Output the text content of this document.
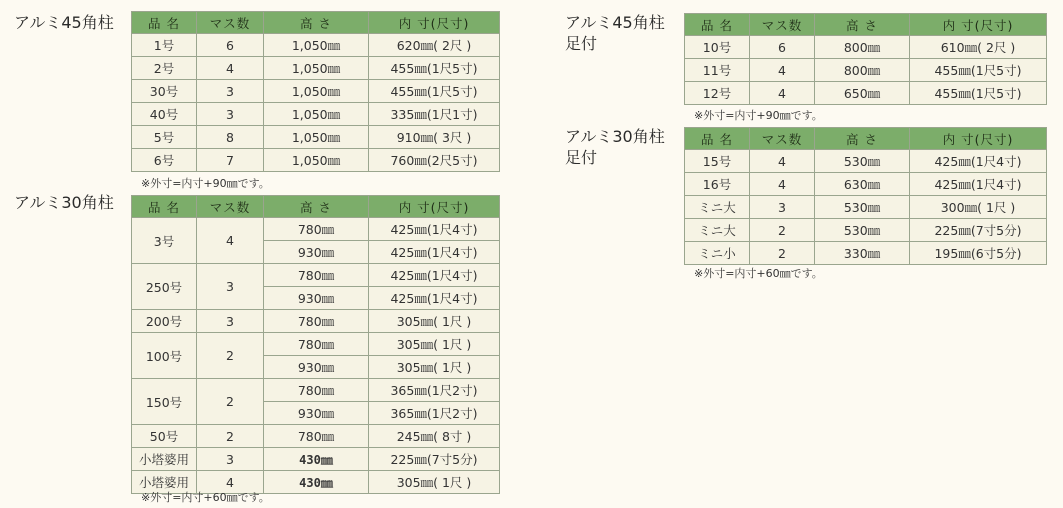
アルミ45角柱	品 名	マス数	高 さ	内 寸(尺寸)
1号	6	1,050㎜	620㎜( 2尺 )
2号	4	1,050㎜	455㎜(1尺5寸)
30号	3	1,050㎜	455㎜(1尺5寸)
40号	3	1,050㎜	335㎜(1尺1寸)
5号	8	1,050㎜	910㎜( 3尺 )
6号	7	1,050㎜	760㎜(2尺5寸)
※外寸=内寸+90㎜です。
アルミ30角柱	品 名	マス数	高 さ	内 寸(尺寸)
3号	4	780㎜	425㎜(1尺4寸)
		930㎜	425㎜(1尺4寸)
250号	3	780㎜	425㎜(1尺4寸)
		930㎜	425㎜(1尺4寸)
200号	3	780㎜	305㎜( 1尺 )
100号	2	780㎜	305㎜( 1尺 )
		930㎜	305㎜( 1尺 )
150号	2	780㎜	365㎜(1尺2寸)
		930㎜	365㎜(1尺2寸)
50号	2	780㎜	245㎜( 8寸 )
小塔婆用	3	430㎜	225㎜(7寸5分)
小塔婆用	4	430㎜	305㎜( 1尺 )
※外寸=内寸+60㎜です。
アルミ45角柱
足付
品 名	マス数	高 さ	内 寸(尺寸)
10号	6	800㎜	610㎜( 2尺 )
11号	4	800㎜	455㎜(1尺5寸)
12号	4	650㎜	455㎜(1尺5寸)
※外寸=内寸+90㎜です。
アルミ30角柱
足付
品 名	マス数	高 さ	内 寸(尺寸)
15号	4	530㎜	425㎜(1尺4寸)
16号	4	630㎜	425㎜(1尺4寸)
ミニ大	3	530㎜	300㎜( 1尺 )
ミニ大	2	530㎜	225㎜(7寸5分)
ミニ小	2	330㎜	195㎜(6寸5分)
※外寸=内寸+60㎜です。
